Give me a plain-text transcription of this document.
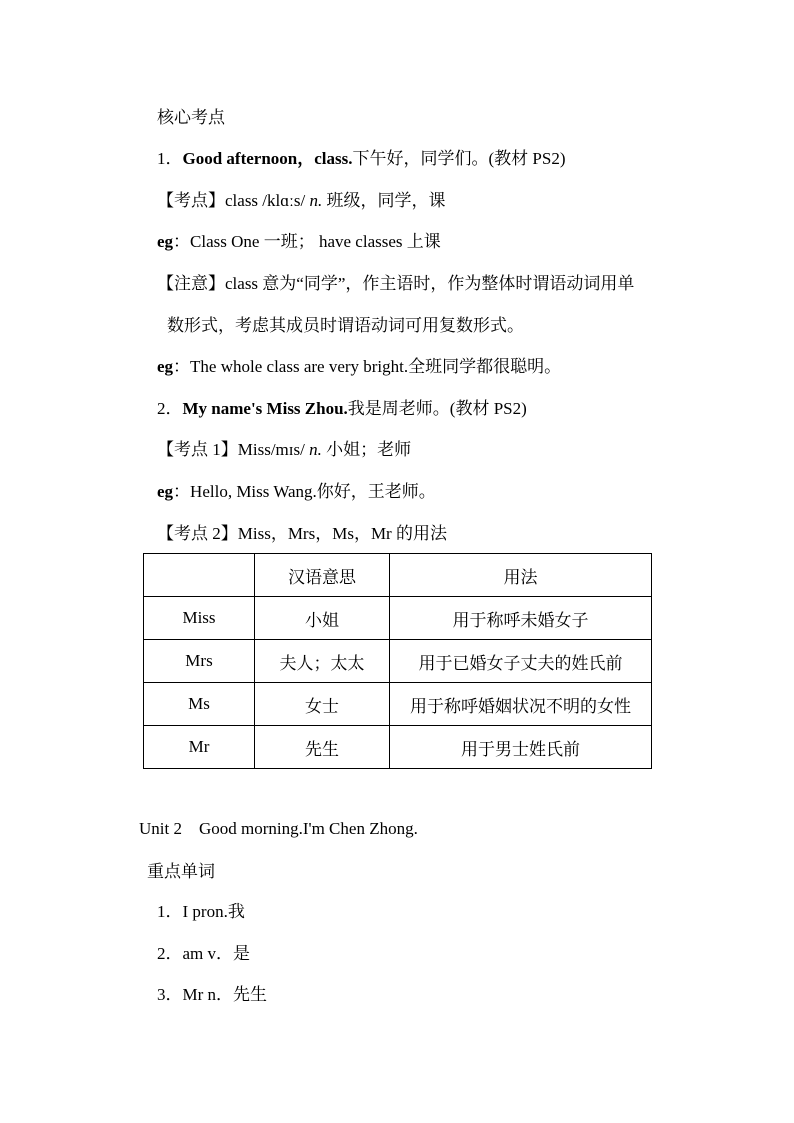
核心考点
1．Good afternoon，class.下午好，同学们。(教材 PS2)
【考点】class /klɑːs/ n. 班级，同学，课
eg：Class One 一班； have classes 上课
【注意】class 意为“同学”，作主语时，作为整体时谓语动词用单
数形式，考虑其成员时谓语动词可用复数形式。
eg：The whole class are very bright.全班同学都很聪明。
2．My name's Miss Zhou.我是周老师。(教材 PS2)
【考点 1】Miss/mɪs/ n. 小姐；老师
eg：Hello, Miss Wang.你好，王老师。
【考点 2】Miss，Mrs，Ms，Mr 的用法
	汉语意思	用法
Miss	小姐	用于称呼未婚女子
Mrs	夫人；太太	用于已婚女子丈夫的姓氏前
Ms	女士	用于称呼婚姻状况不明的女性
Mr	先生	用于男士姓氏前
Unit 2    Good morning.I'm Chen Zhong.
重点单词
1．I pron.我
2．am v．是
3．Mr n．先生
